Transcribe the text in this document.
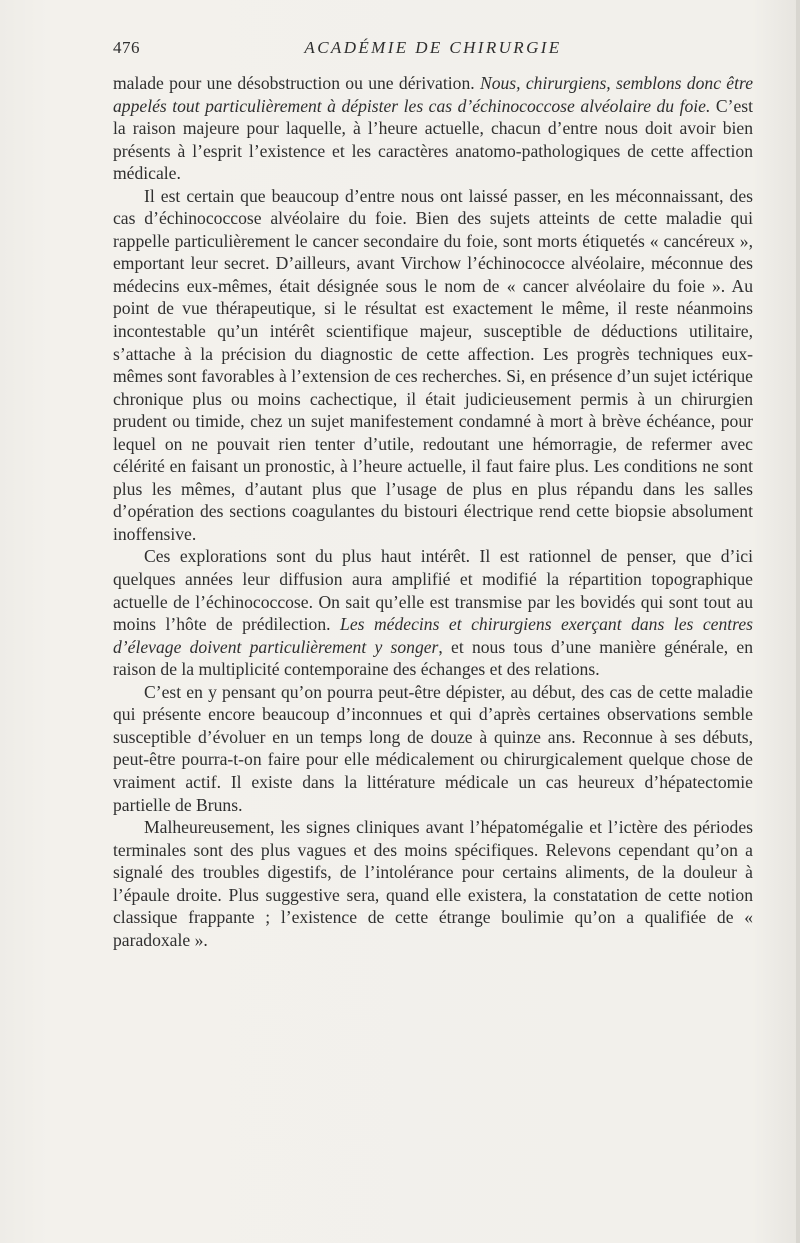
476	ACADÉMIE DE CHIRURGIE

malade pour une désobstruction ou une dérivation. Nous, chirurgiens, semblons donc être appelés tout particulièrement à dépister les cas d’échinococcose alvéolaire du foie. C’est la raison majeure pour laquelle, à l’heure actuelle, chacun d’entre nous doit avoir bien présents à l’esprit l’existence et les caractères anatomo-pathologiques de cette affection médicale.

Il est certain que beaucoup d’entre nous ont laissé passer, en les méconnaissant, des cas d’échinococcose alvéolaire du foie. Bien des sujets atteints de cette maladie qui rappelle particulièrement le cancer secondaire du foie, sont morts étiquetés « cancéreux », emportant leur secret. D’ailleurs, avant Virchow l’échinococce alvéolaire, méconnue des médecins eux-mêmes, était désignée sous le nom de « cancer alvéolaire du foie ». Au point de vue thérapeutique, si le résultat est exactement le même, il reste néanmoins incontestable qu’un intérêt scientifique majeur, susceptible de déductions utilitaire, s’attache à la précision du diagnostic de cette affection. Les progrès techniques eux-mêmes sont favorables à l’extension de ces recherches. Si, en présence d’un sujet ictérique chronique plus ou moins cachectique, il était judicieusement permis à un chirurgien prudent ou timide, chez un sujet manifestement condamné à mort à brève échéance, pour lequel on ne pouvait rien tenter d’utile, redoutant une hémorragie, de refermer avec célérité en faisant un pronostic, à l’heure actuelle, il faut faire plus. Les conditions ne sont plus les mêmes, d’autant plus que l’usage de plus en plus répandu dans les salles d’opération des sections coagulantes du bistouri électrique rend cette biopsie absolument inoffensive.

Ces explorations sont du plus haut intérêt. Il est rationnel de penser, que d’ici quelques années leur diffusion aura amplifié et modifié la répartition topographique actuelle de l’échinococcose. On sait qu’elle est transmise par les bovidés qui sont tout au moins l’hôte de prédilection. Les médecins et chirurgiens exerçant dans les centres d’élevage doivent particulièrement y songer, et nous tous d’une manière générale, en raison de la multiplicité contemporaine des échanges et des relations.

C’est en y pensant qu’on pourra peut-être dépister, au début, des cas de cette maladie qui présente encore beaucoup d’inconnues et qui d’après certaines observations semble susceptible d’évoluer en un temps long de douze à quinze ans. Reconnue à ses débuts, peut-être pourra-t-on faire pour elle médicalement ou chirurgicalement quelque chose de vraiment actif. Il existe dans la littérature médicale un cas heureux d’hépatectomie partielle de Bruns.

Malheureusement, les signes cliniques avant l’hépatomégalie et l’ictère des périodes terminales sont des plus vagues et des moins spécifiques. Relevons cependant qu’on a signalé des troubles digestifs, de l’intolérance pour certains aliments, de la douleur à l’épaule droite. Plus suggestive sera, quand elle existera, la constatation de cette notion classique frappante ; l’existence de cette étrange boulimie qu’on a qualifiée de « paradoxale ».
